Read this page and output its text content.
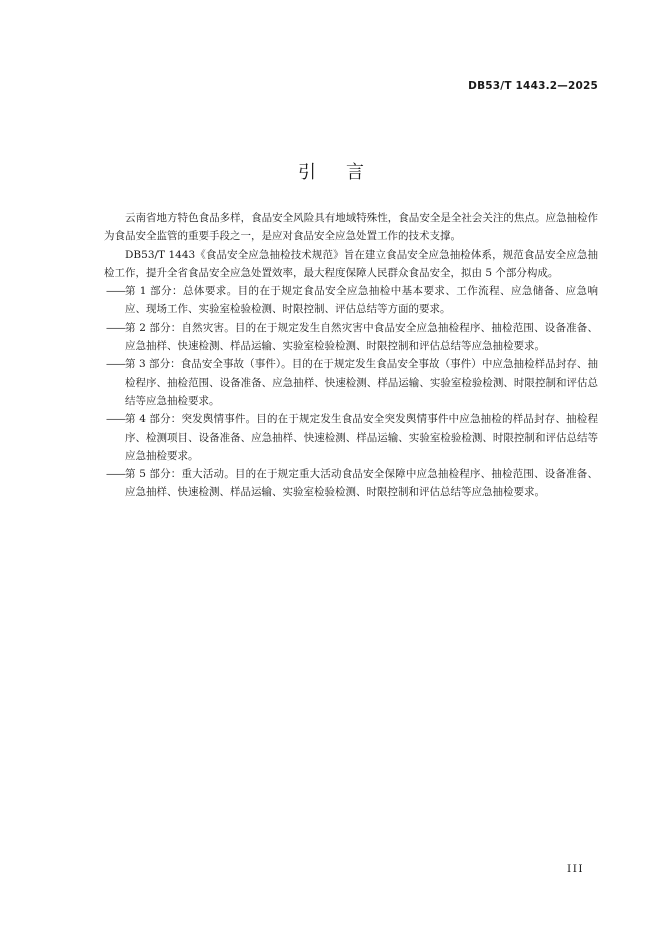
DB53/T 1443.2—2025
引言

云南省地方特色食品多样，食品安全风险具有地域特殊性，食品安全是全社会关注的焦点。应急抽检作为食品安全监管的重要手段之一，是应对食品安全应急处置工作的技术支撑。

DB53/T 1443《食品安全应急抽检技术规范》旨在建立食品安全应急抽检体系，规范食品安全应急抽检工作，提升全省食品安全应急处置效率，最大程度保障人民群众食品安全，拟由 5 个部分构成。

—— 第 1 部分：总体要求。目的在于规定食品安全应急抽检中基本要求、工作流程、应急储备、应急响应、现场工作、实验室检验检测、时限控制、评估总结等方面的要求。
—— 第 2 部分：自然灾害。目的在于规定发生自然灾害中食品安全应急抽检程序、抽检范围、设备准备、应急抽样、快速检测、样品运输、实验室检验检测、时限控制和评估总结等应急抽检要求。
—— 第 3 部分：食品安全事故（事件）。目的在于规定发生食品安全事故（事件）中应急抽检样品封存、抽检程序、抽检范围、设备准备、应急抽样、快速检测、样品运输、实验室检验检测、时限控制和评估总结等应急抽检要求。
—— 第 4 部分：突发舆情事件。目的在于规定发生食品安全突发舆情事件中应急抽检的样品封存、抽检程序、检测项目、设备准备、应急抽样、快速检测、样品运输、实验室检验检测、时限控制和评估总结等应急抽检要求。
—— 第 5 部分：重大活动。目的在于规定重大活动食品安全保障中应急抽检程序、抽检范围、设备准备、应急抽样、快速检测、样品运输、实验室检验检测、时限控制和评估总结等应急抽检要求。
III
